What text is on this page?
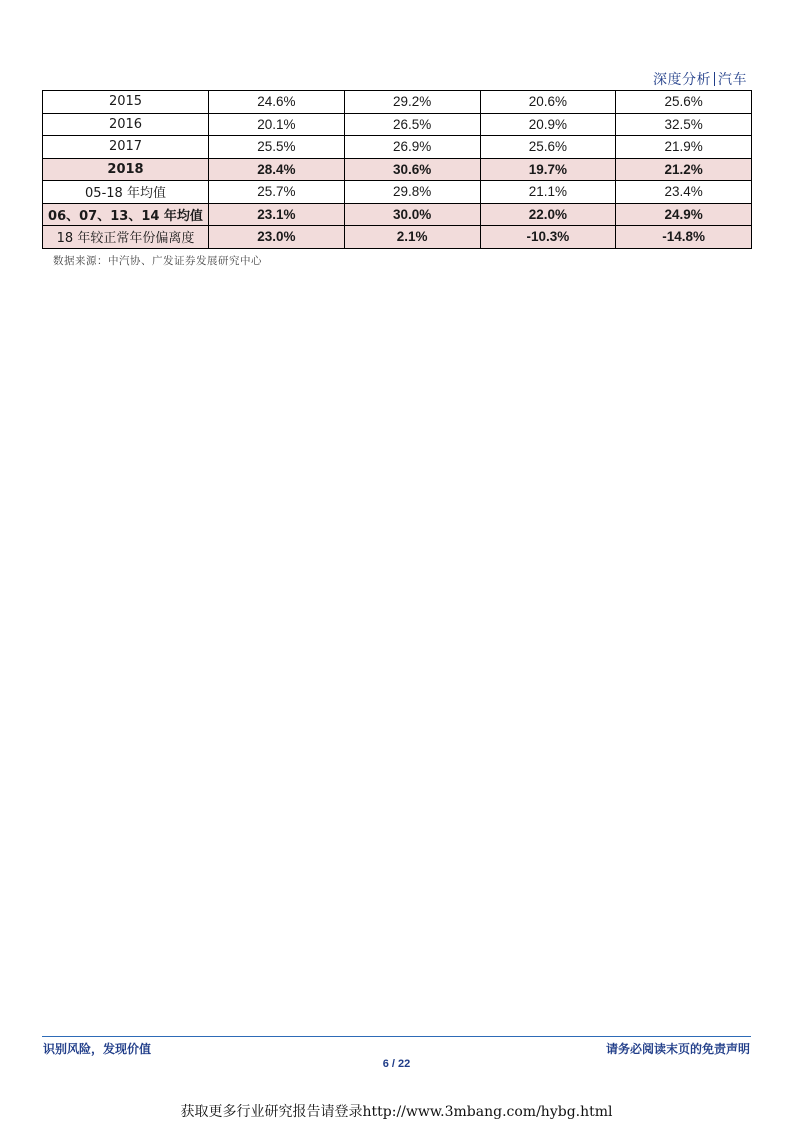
深度分析 汽车
2015	24.6%	29.2%	20.6%	25.6%
2016	20.1%	26.5%	20.9%	32.5%
2017	25.5%	26.9%	25.6%	21.9%
2018	28.4%	30.6%	19.7%	21.2%
05-18 年均值	25.7%	29.8%	21.1%	23.4%
06、07、13、14 年均值	23.1%	30.0%	22.0%	24.9%
18 年较正常年份偏离度	23.0%	2.1%	-10.3%	-14.8%
数据来源：中汽协、广发证券发展研究中心
识别风险，发现价值	请务必阅读末页的免责声明
6 / 22
获取更多行业研究报告请登录http://www.3mbang.com/hybg.html
